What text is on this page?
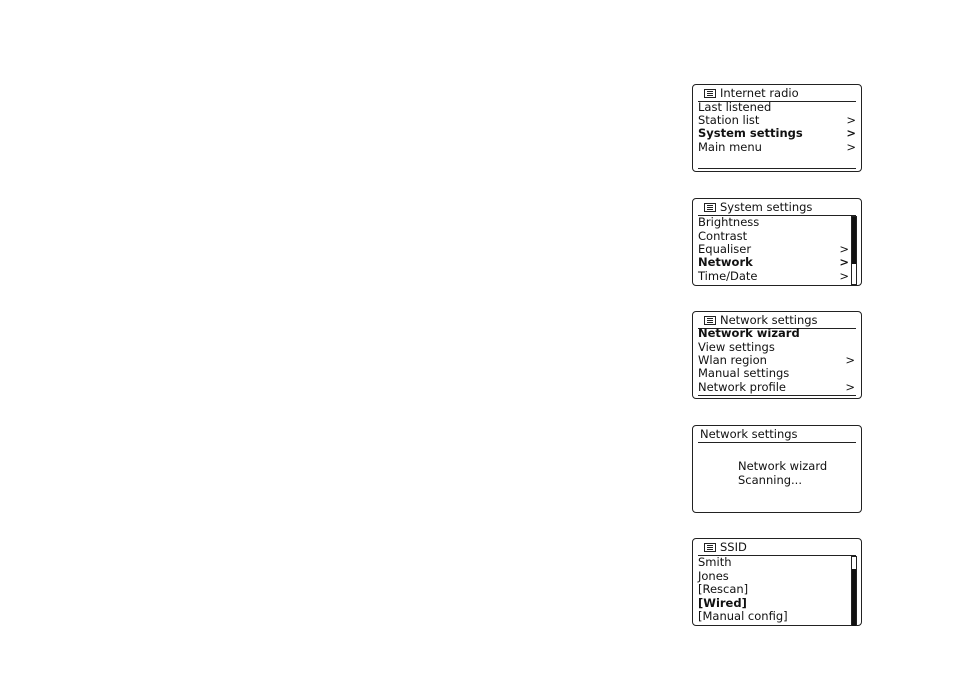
Internet radio
Last listened
Station list	>
System settings	>
Main menu	>
System settings
Brightness
Contrast
Equaliser	>
Network	>
Time/Date	>
Network settings
Network wizard
View settings
Wlan region	>
Manual settings
Network profile	>
Network settings
Network wizard
Scanning...
SSID
Smith
Jones
[Rescan]
[Wired]
[Manual config]
